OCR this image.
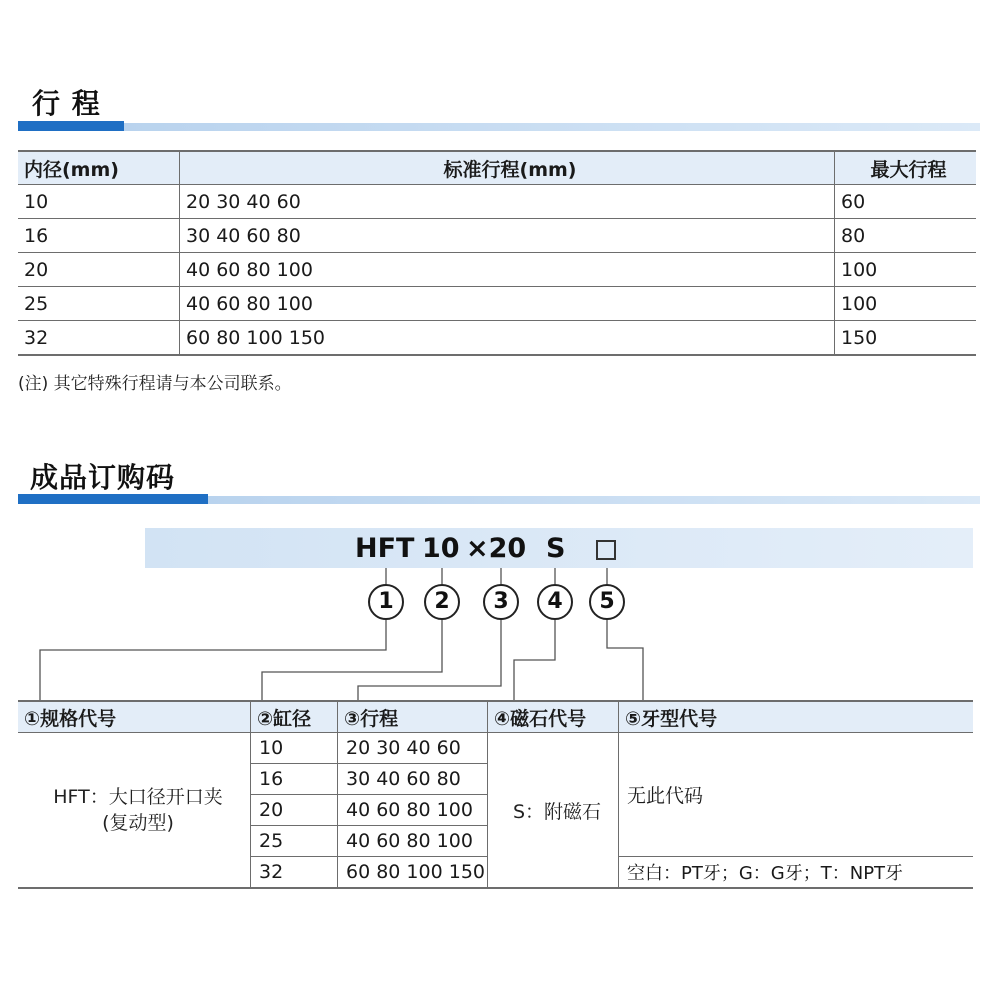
行 程
内径(mm)	标准行程(mm)	最大行程
10	20 30 40 60	60
16	30 40 60 80	80
20	40 60 80 100	100
25	40 60 80 100	100
32	60 80 100 150	150
(注) 其它特殊行程请与本公司联系。
成品订购码
HFT 10 ×20 S
1	2	3	4	5
①规格代号	②缸径	③行程	④磁石代号	⑤牙型代号

HFT：大口径开口夹
(复动型)	10	20 30 40 60	S：附磁石	无此代码
	16	30 40 60 80		
	20	40 60 80 100		
	25	40 60 80 100		
	32	60 80 100 150		空白：PT牙；G：G牙；T：NPT牙
